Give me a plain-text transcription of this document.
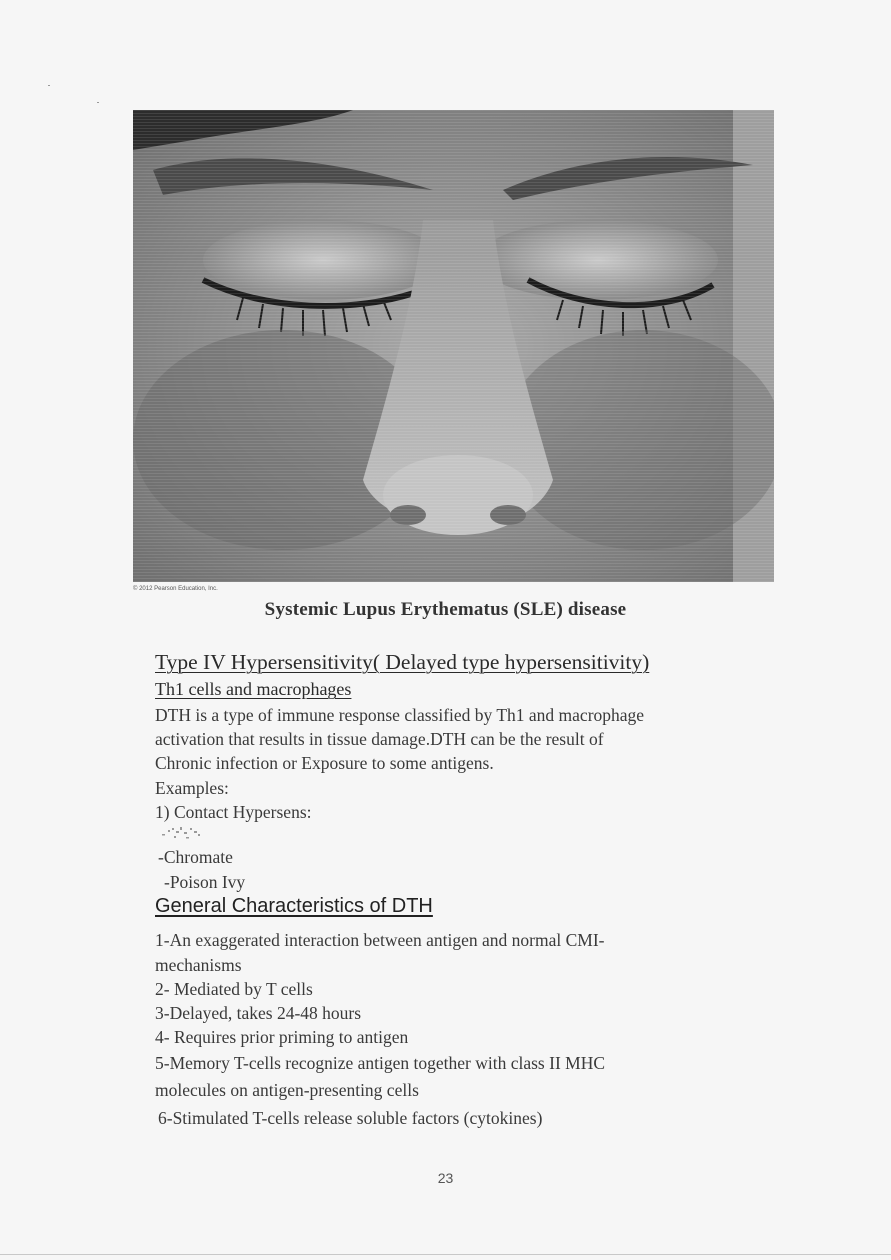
© 2012 Pearson Education, Inc.
Systemic Lupus Erythematus (SLE) disease
Type IV Hypersensitivity( Delayed type hypersensitivity)
Th1 cells and macrophages

DTH is a type of immune response classified by Th1 and macrophage

activation that results in tissue damage.DTH can be the result of

Chronic infection or Exposure to some antigens.

Examples:

1) Contact Hypersens:

-Chromate

-Poison Ivy

General Characteristics of DTH

1-An exaggerated interaction between antigen and normal CMI-

mechanisms

2- Mediated by T cells

3-Delayed, takes 24-48 hours

4- Requires prior priming to antigen

5-Memory T-cells recognize antigen together with class II MHC

molecules on antigen-presenting cells

6-Stimulated T-cells release soluble factors (cytokines)

23
